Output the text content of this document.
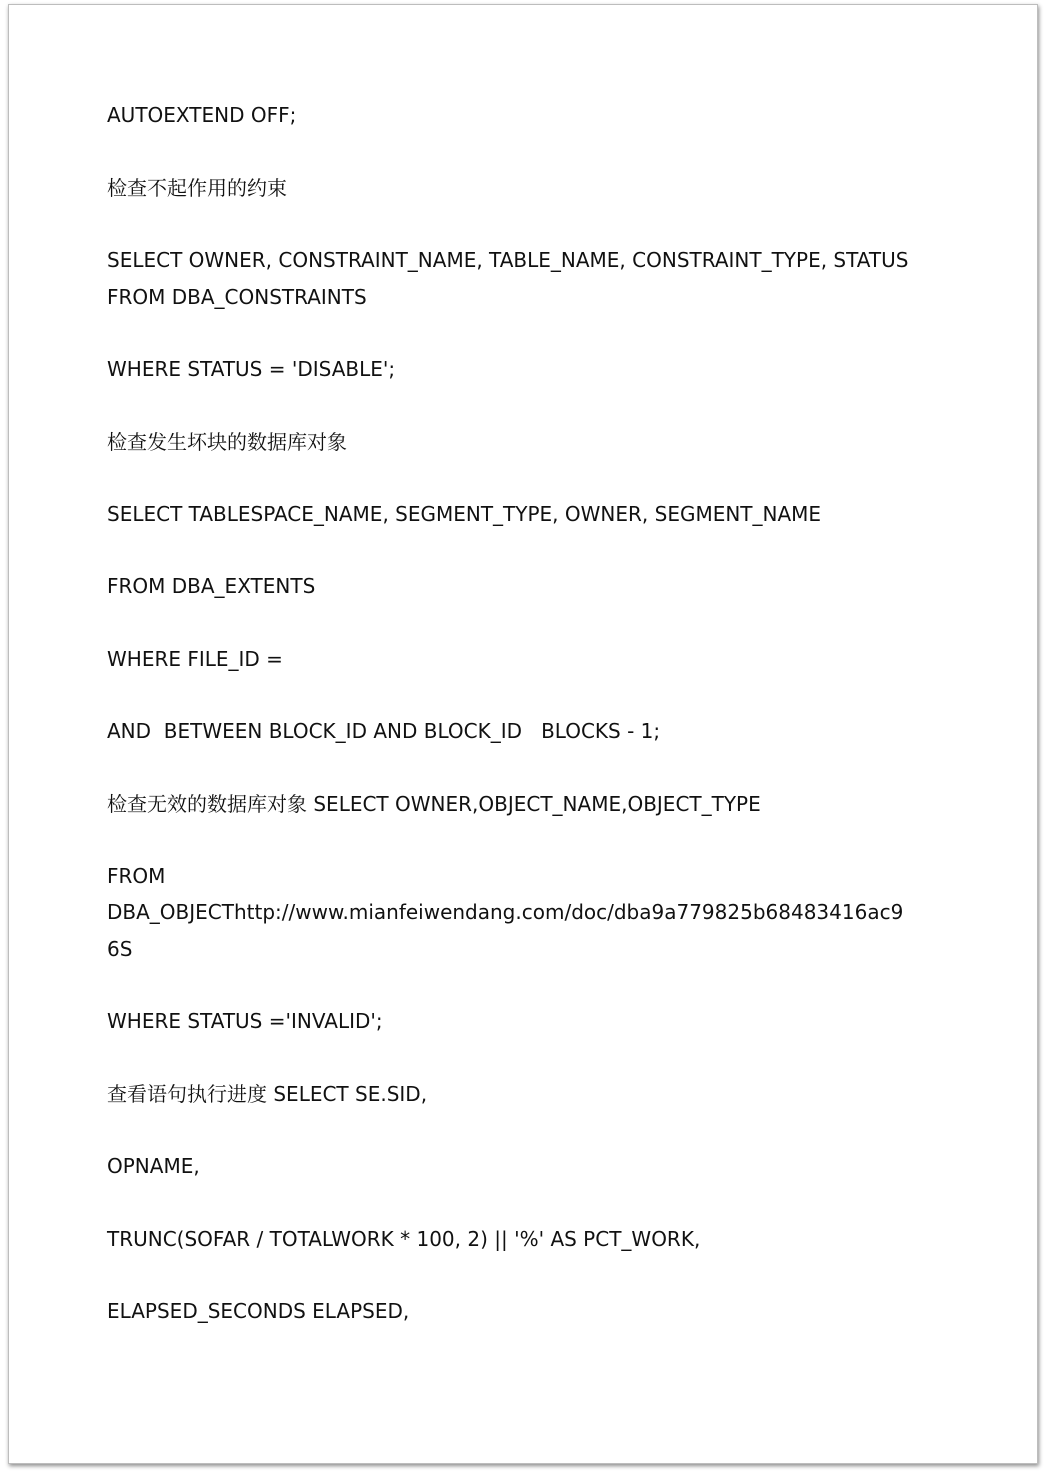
AUTOEXTEND OFF;

检查不起作用的约束

SELECT OWNER, CONSTRAINT_NAME, TABLE_NAME, CONSTRAINT_TYPE, STATUS

FROM DBA_CONSTRAINTS

WHERE STATUS = 'DISABLE';

检查发生坏块的数据库对象

SELECT TABLESPACE_NAME, SEGMENT_TYPE, OWNER, SEGMENT_NAME

FROM DBA_EXTENTS

WHERE FILE_ID =

AND  BETWEEN BLOCK_ID AND BLOCK_ID   BLOCKS - 1;

检查无效的数据库对象 SELECT OWNER,OBJECT_NAME,OBJECT_TYPE

FROM

DBA_OBJECThttp://www.mianfeiwendang.com/doc/dba9a779825b68483416ac9

6S

WHERE STATUS ='INVALID';

查看语句执行进度 SELECT SE.SID,

OPNAME,

TRUNC(SOFAR / TOTALWORK * 100, 2) || '%' AS PCT_WORK,

ELAPSED_SECONDS ELAPSED,
